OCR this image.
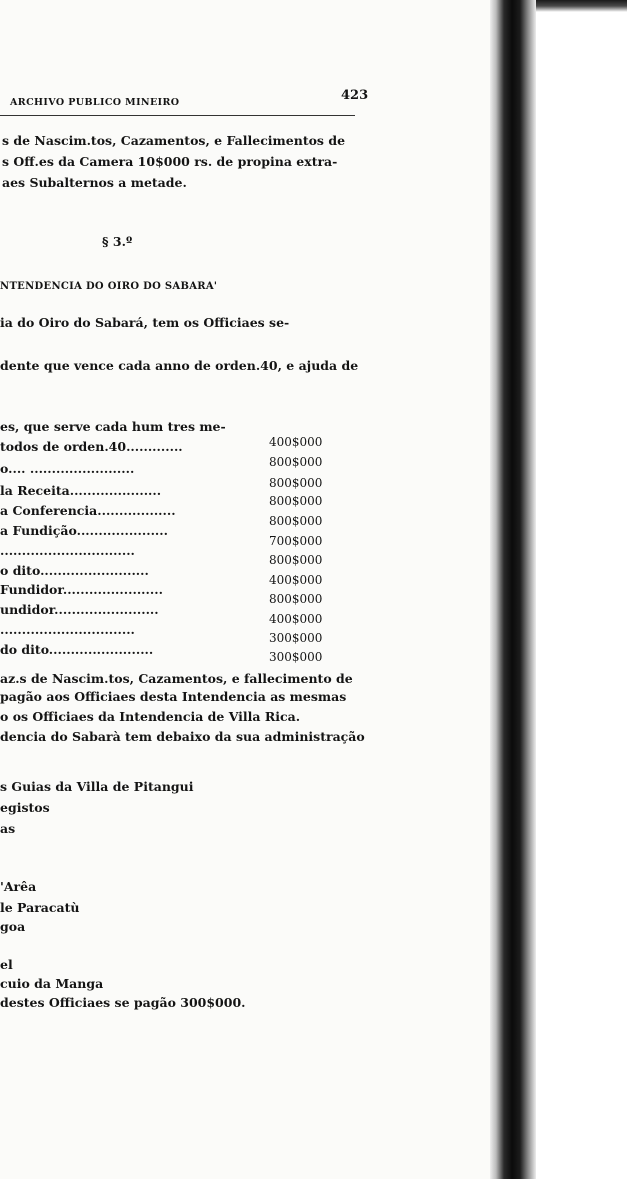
ARCHIVO PUBLICO MINEIRO	423
s de Nascim.tos, Cazamentos, e Fallecimentos de
s Off.es da Camera 10$000 rs. de propina extra-
aes Subalternos a metade.
§ 3.º
NTENDENCIA DO OIRO DO SABARA'
ia do Oiro do Sabará, tem os Officiaes se-
dente que vence cada anno de orden.40, e ajuda de
es, que serve cada hum tres me-
todos de orden.40.............
o.... ........................
la Receita.....................
a Conferencia..................
a Fundição.....................
...............................
o dito.........................
Fundidor.......................
undidor........................
...............................
do dito........................
400$000
800$000
800$000
800$000
800$000
700$000
800$000
400$000
800$000
400$000
300$000
300$000
az.s de Nascim.tos, Cazamentos, e fallecimento de
pagão aos Officiaes desta Intendencia as mesmas
o os Officiaes da Intendencia de Villa Rica.
dencia do Sabarà tem debaixo da sua administração
s Guias da Villa de Pitangui
egistos
as
'Arêa
le Paracatù
goa
el
cuio da Manga
destes Officiaes se pagão 300$000.
